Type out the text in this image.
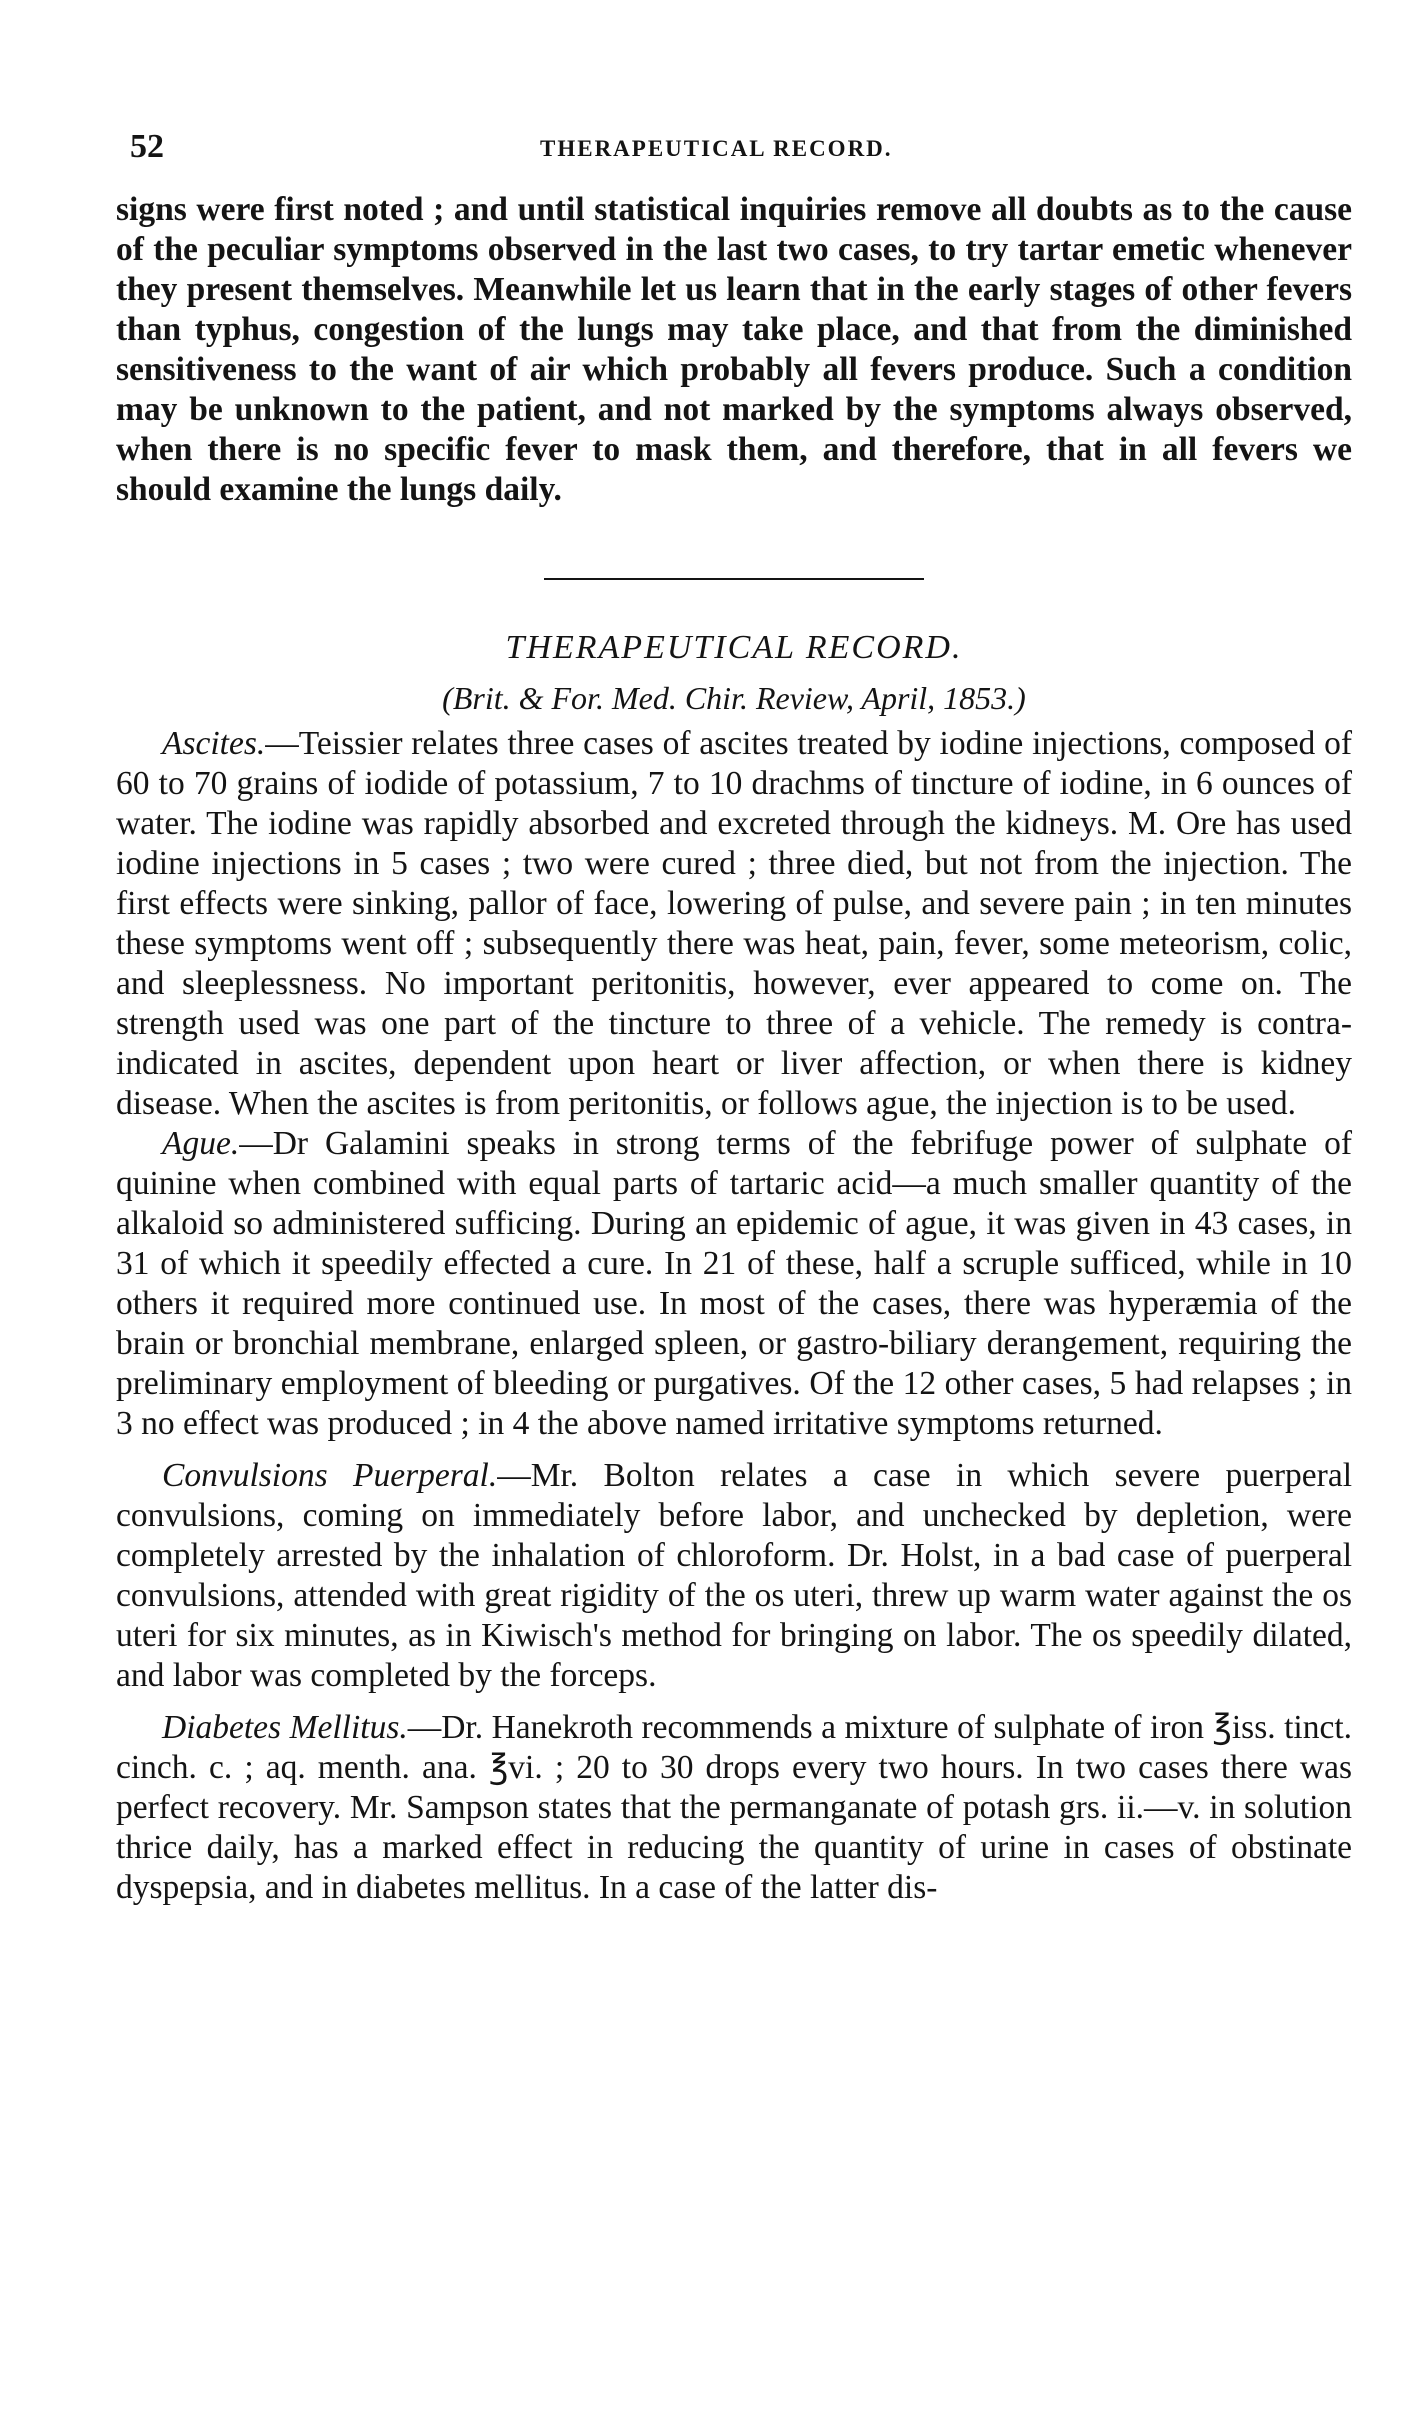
52	THERAPEUTICAL RECORD.

signs were first noted ; and until statistical inquiries remove all doubts as to the cause of the peculiar symptoms observed in the last two cases, to try tartar emetic whenever they present themselves. Meanwhile let us learn that in the early stages of other fevers than typhus, congestion of the lungs may take place, and that from the diminished sensitiveness to the want of air which probably all fevers produce. Such a condition may be unknown to the patient, and not marked by the symptoms always observed, when there is no specific fever to mask them, and therefore, that in all fevers we should examine the lungs daily.

THERAPEUTICAL RECORD.

(Brit. & For. Med. Chir. Review, April, 1853.)

Ascites.—Teissier relates three cases of ascites treated by iodine injections, composed of 60 to 70 grains of iodide of potassium, 7 to 10 drachms of tincture of iodine, in 6 ounces of water. The iodine was rapidly absorbed and excreted through the kidneys. M. Ore has used iodine injections in 5 cases ; two were cured ; three died, but not from the injection. The first effects were sinking, pallor of face, lowering of pulse, and severe pain ; in ten minutes these symptoms went off ; subsequently there was heat, pain, fever, some meteorism, colic, and sleeplessness. No important peritonitis, however, ever appeared to come on. The strength used was one part of the tincture to three of a vehicle. The remedy is contra-indicated in ascites, dependent upon heart or liver affection, or when there is kidney disease. When the ascites is from peritonitis, or follows ague, the injection is to be used.

Ague.—Dr Galamini speaks in strong terms of the febrifuge power of sulphate of quinine when combined with equal parts of tartaric acid—a much smaller quantity of the alkaloid so administered sufficing. During an epidemic of ague, it was given in 43 cases, in 31 of which it speedily effected a cure. In 21 of these, half a scruple sufficed, while in 10 others it required more continued use. In most of the cases, there was hyperæmia of the brain or bronchial membrane, enlarged spleen, or gastro-biliary derangement, requiring the preliminary employment of bleeding or purgatives. Of the 12 other cases, 5 had relapses ; in 3 no effect was produced ; in 4 the above named irritative symptoms returned.

Convulsions Puerperal.—Mr. Bolton relates a case in which severe puerperal convulsions, coming on immediately before labor, and unchecked by depletion, were completely arrested by the inhalation of chloroform. Dr. Holst, in a bad case of puerperal convulsions, attended with great rigidity of the os uteri, threw up warm water against the os uteri for six minutes, as in Kiwisch's method for bringing on labor. The os speedily dilated, and labor was completed by the forceps.

Diabetes Mellitus.—Dr. Hanekroth recommends a mixture of sulphate of iron ℥iss. tinct. cinch. c. ; aq. menth. ana. ℥vi. ; 20 to 30 drops every two hours. In two cases there was perfect recovery. Mr. Sampson states that the permanganate of potash grs. ii.—v. in solution thrice daily, has a marked effect in reducing the quantity of urine in cases of obstinate dyspepsia, and in diabetes mellitus. In a case of the latter dis-
